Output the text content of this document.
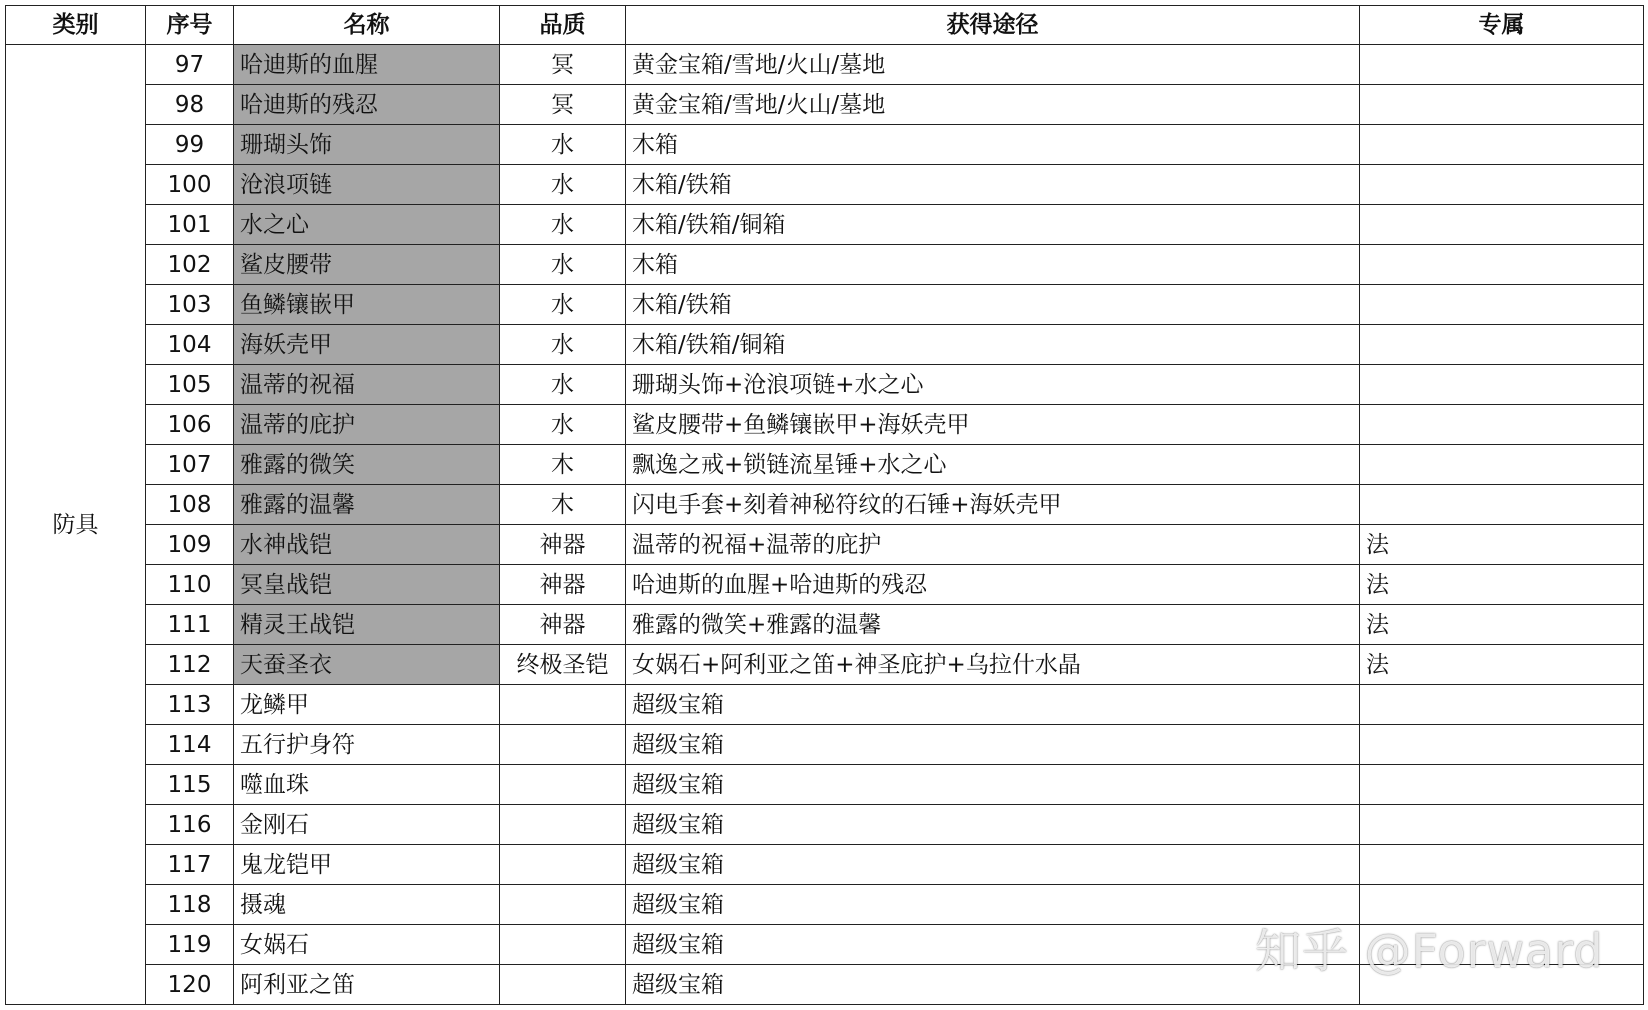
类别	序号	名称	品质	获得途径	专属
防具	97	哈迪斯的血腥	冥	黄金宝箱/雪地/火山/墓地	
	98	哈迪斯的残忍	冥	黄金宝箱/雪地/火山/墓地	
	99	珊瑚头饰	水	木箱	
	100	沧浪项链	水	木箱/铁箱	
	101	水之心	水	木箱/铁箱/铜箱	
	102	鲨皮腰带	水	木箱	
	103	鱼鳞镶嵌甲	水	木箱/铁箱	
	104	海妖壳甲	水	木箱/铁箱/铜箱	
	105	温蒂的祝福	水	珊瑚头饰+沧浪项链+水之心	
	106	温蒂的庇护	水	鲨皮腰带+鱼鳞镶嵌甲+海妖壳甲	
	107	雅露的微笑	木	飘逸之戒+锁链流星锤+水之心	
	108	雅露的温馨	木	闪电手套+刻着神秘符纹的石锤+海妖壳甲	
	109	水神战铠	神器	温蒂的祝福+温蒂的庇护	法
	110	冥皇战铠	神器	哈迪斯的血腥+哈迪斯的残忍	法
	111	精灵王战铠	神器	雅露的微笑+雅露的温馨	法
	112	天蚕圣衣	终极圣铠	女娲石+阿利亚之笛+神圣庇护+乌拉什水晶	法
	113	龙鳞甲		超级宝箱	
	114	五行护身符		超级宝箱	
	115	噬血珠		超级宝箱	
	116	金刚石		超级宝箱	
	117	鬼龙铠甲		超级宝箱	
	118	摄魂		超级宝箱	
	119	女娲石		超级宝箱	
	120	阿利亚之笛		超级宝箱	
知乎 @Forward
